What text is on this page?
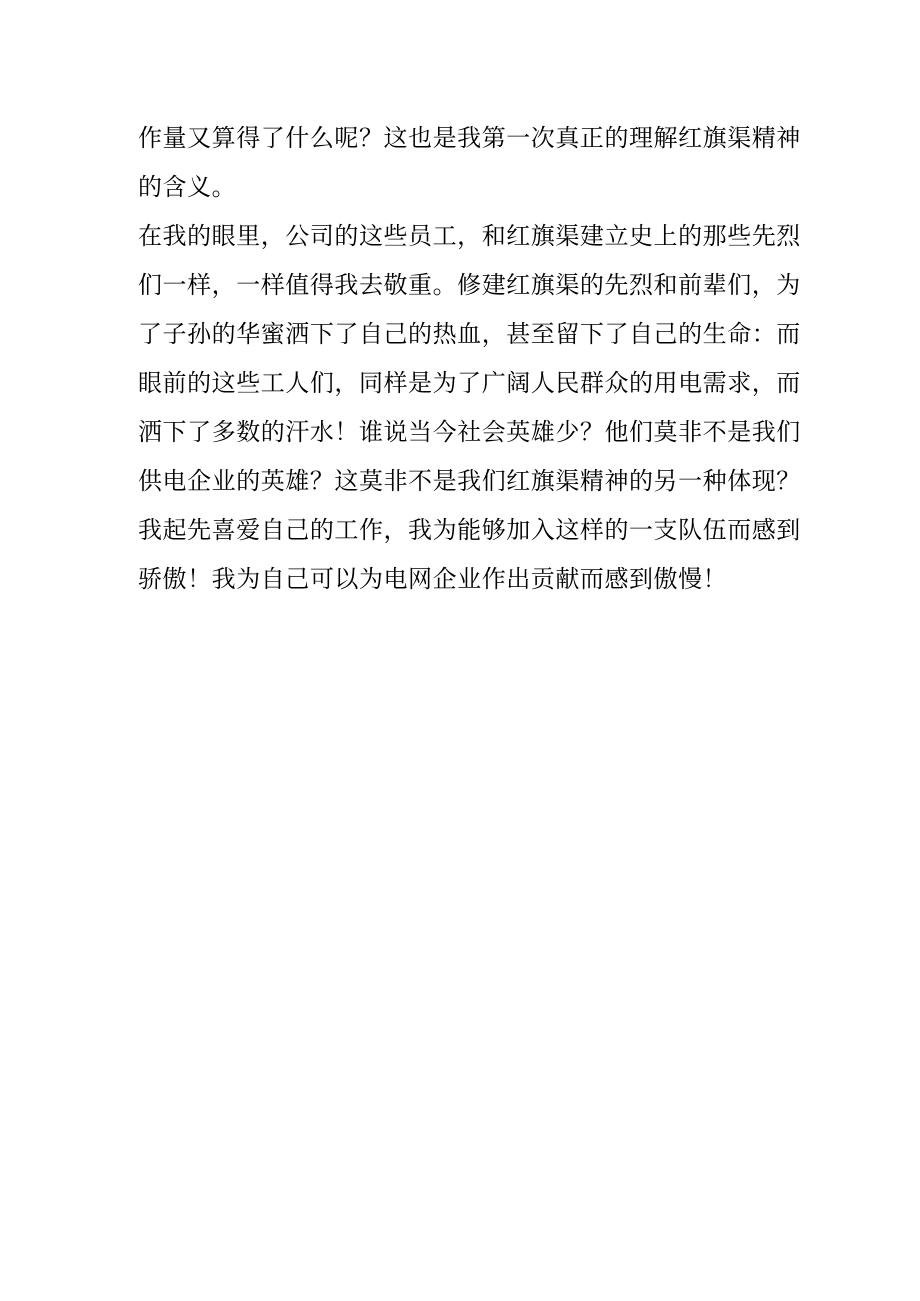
作量又算得了什么呢？这也是我第一次真正的理解红旗渠精神
的含义。
在我的眼里，公司的这些员工，和红旗渠建立史上的那些先烈
们一样，一样值得我去敬重。修建红旗渠的先烈和前辈们，为
了子孙的华蜜洒下了自己的热血，甚至留下了自己的生命：而
眼前的这些工人们，同样是为了广阔人民群众的用电需求，而
洒下了多数的汗水！谁说当今社会英雄少？他们莫非不是我们
供电企业的英雄？这莫非不是我们红旗渠精神的另一种体现？
我起先喜爱自己的工作，我为能够加入这样的一支队伍而感到
骄傲！我为自己可以为电网企业作出贡献而感到傲慢！
